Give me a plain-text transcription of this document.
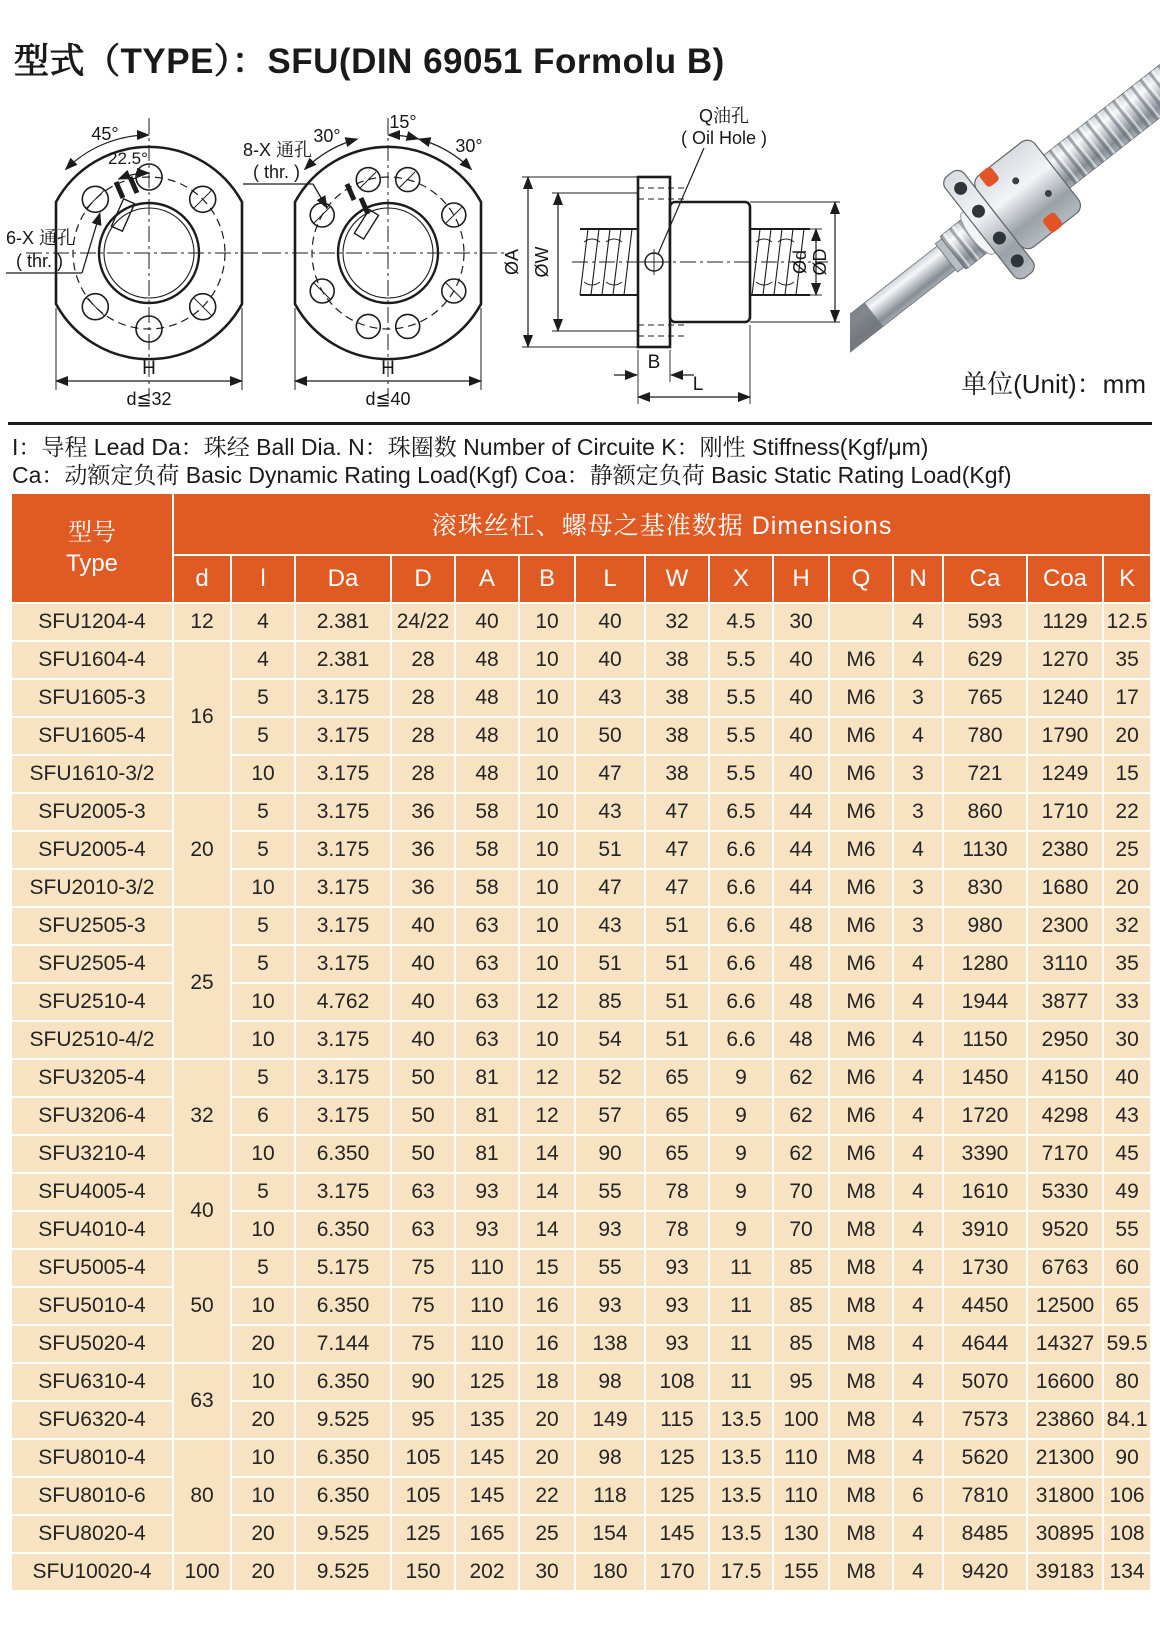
型式（TYPE）：SFU(DIN 69051 Formolu B)
45°
22.5°
6-X 通孔
( thr. )
H
d≦32
30°
15°
30°
8-X 通孔
( thr. )
H
d≦40
Q油孔
( Oil Hole )
ØA ØW	Ød ØD
B
L	单位(Unit)：mm
I：导程 Lead Da：珠经 Ball Dia. N：珠圈数 Number of Circuite K：刚性 Stiffness(Kgf/μm)
Ca：动额定负荷 Basic Dynamic Rating Load(Kgf) Coa：静额定负荷 Basic Static Rating Load(Kgf)
型号
Type	滚珠丝杠、螺母之基准数据 Dimensions														
	d	l	Da	D	A	B	L	W	X	H	Q	N	Ca	Coa	K
SFU1204-4	12	4	2.381	24/22	40	10	40	32	4.5	30		4	593	1129	12.5
SFU1604-4	16	4	2.381	28	48	10	40	38	5.5	40	M6	4	629	1270	35
SFU1605-3		5	3.175	28	48	10	43	38	5.5	40	M6	3	765	1240	17
SFU1605-4		5	3.175	28	48	10	50	38	5.5	40	M6	4	780	1790	20
SFU1610-3/2		10	3.175	28	48	10	47	38	5.5	40	M6	3	721	1249	15
SFU2005-3	20	5	3.175	36	58	10	43	47	6.5	44	M6	3	860	1710	22
SFU2005-4		5	3.175	36	58	10	51	47	6.6	44	M6	4	1130	2380	25
SFU2010-3/2		10	3.175	36	58	10	47	47	6.6	44	M6	3	830	1680	20
SFU2505-3	25	5	3.175	40	63	10	43	51	6.6	48	M6	3	980	2300	32
SFU2505-4		5	3.175	40	63	10	51	51	6.6	48	M6	4	1280	3110	35
SFU2510-4		10	4.762	40	63	12	85	51	6.6	48	M6	4	1944	3877	33
SFU2510-4/2		10	3.175	40	63	10	54	51	6.6	48	M6	4	1150	2950	30
SFU3205-4	32	5	3.175	50	81	12	52	65	9	62	M6	4	1450	4150	40
SFU3206-4		6	3.175	50	81	12	57	65	9	62	M6	4	1720	4298	43
SFU3210-4		10	6.350	50	81	14	90	65	9	62	M6	4	3390	7170	45
SFU4005-4	40	5	3.175	63	93	14	55	78	9	70	M8	4	1610	5330	49
SFU4010-4		10	6.350	63	93	14	93	78	9	70	M8	4	3910	9520	55
SFU5005-4	50	5	5.175	75	110	15	55	93	11	85	M8	4	1730	6763	60
SFU5010-4		10	6.350	75	110	16	93	93	11	85	M8	4	4450	12500	65
SFU5020-4		20	7.144	75	110	16	138	93	11	85	M8	4	4644	14327	59.5
SFU6310-4	63	10	6.350	90	125	18	98	108	11	95	M8	4	5070	16600	80
SFU6320-4		20	9.525	95	135	20	149	115	13.5	100	M8	4	7573	23860	84.1
SFU8010-4	80	10	6.350	105	145	20	98	125	13.5	110	M8	4	5620	21300	90
SFU8010-6		10	6.350	105	145	22	118	125	13.5	110	M8	6	7810	31800	106
SFU8020-4		20	9.525	125	165	25	154	145	13.5	130	M8	4	8485	30895	108
SFU10020-4	100	20	9.525	150	202	30	180	170	17.5	155	M8	4	9420	39183	134
